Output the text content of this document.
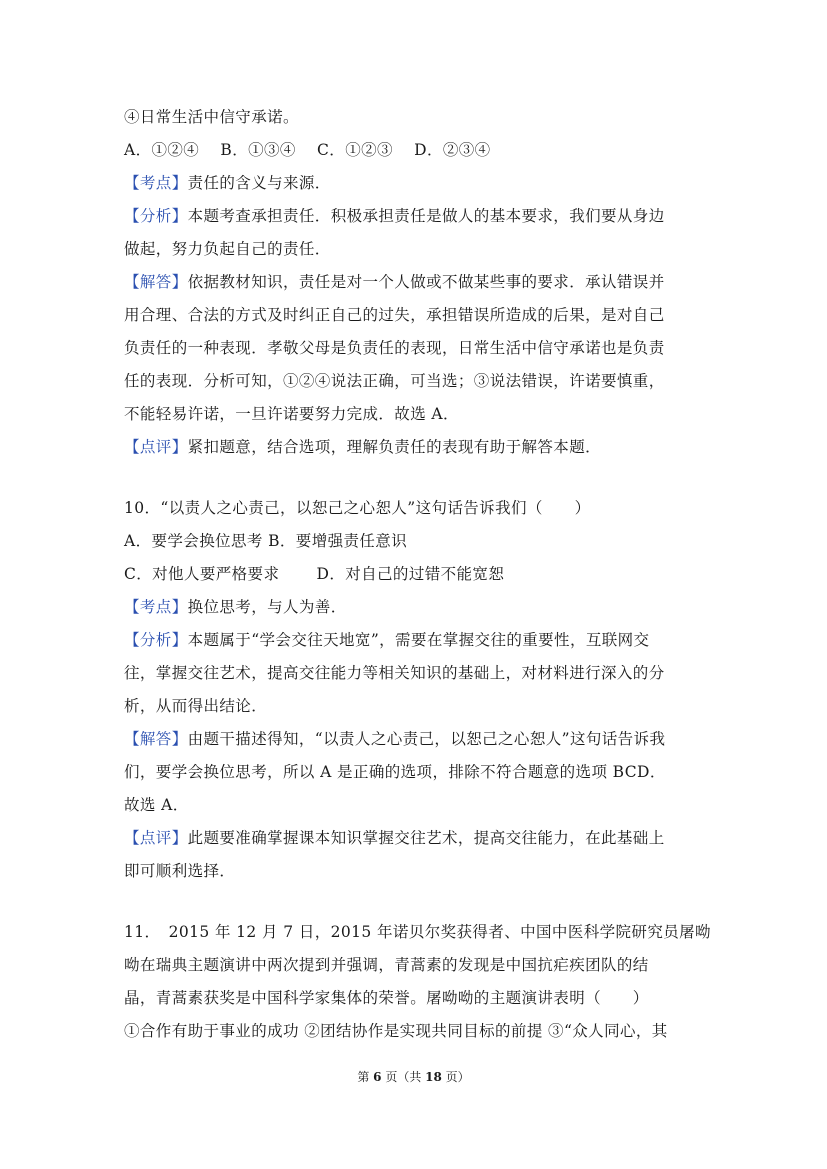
④日常生活中信守承诺。
A．①②④　 B．①③④　 C．①②③　 D．②③④
【考点】责任的含义与来源．
【分析】本题考查承担责任．积极承担责任是做人的基本要求，我们要从身边
做起，努力负起自己的责任．
【解答】依据教材知识，责任是对一个人做或不做某些事的要求．承认错误并
用合理、合法的方式及时纠正自己的过失，承担错误所造成的后果，是对自己
负责任的一种表现．孝敬父母是负责任的表现，日常生活中信守承诺也是负责
任的表现．分析可知，①②④说法正确，可当选；③说法错误，许诺要慎重，
不能轻易许诺，一旦许诺要努力完成．故选 A．
【点评】紧扣题意，结合选项，理解负责任的表现有助于解答本题．
10．“以责人之心责己，以恕己之心恕人”这句话告诉我们（　　）
A．要学会换位思考 B．要增强责任意识
C．对他人要严格要求　　 D．对自己的过错不能宽恕
【考点】换位思考，与人为善．
【分析】本题属于“学会交往天地宽”，需要在掌握交往的重要性，互联网交
往，掌握交往艺术，提高交往能力等相关知识的基础上，对材料进行深入的分
析，从而得出结论．
【解答】由题干描述得知，“以责人之心责己，以恕己之心恕人”这句话告诉我
们，要学会换位思考，所以 A 是正确的选项，排除不符合题意的选项 BCD．
故选 A．
【点评】此题要准确掌握课本知识掌握交往艺术，提高交往能力，在此基础上
即可顺利选择．
11．　2015 年 12 月 7 日，2015 年诺贝尔奖获得者、中国中医科学院研究员屠呦
呦在瑞典主题演讲中两次提到并强调，青蒿素的发现是中国抗疟疾团队的结
晶，青蒿素获奖是中国科学家集体的荣誉。屠呦呦的主题演讲表明（　　）
①合作有助于事业的成功 ②团结协作是实现共同目标的前提 ③“众人同心，其
第 6 页（共 18 页）
